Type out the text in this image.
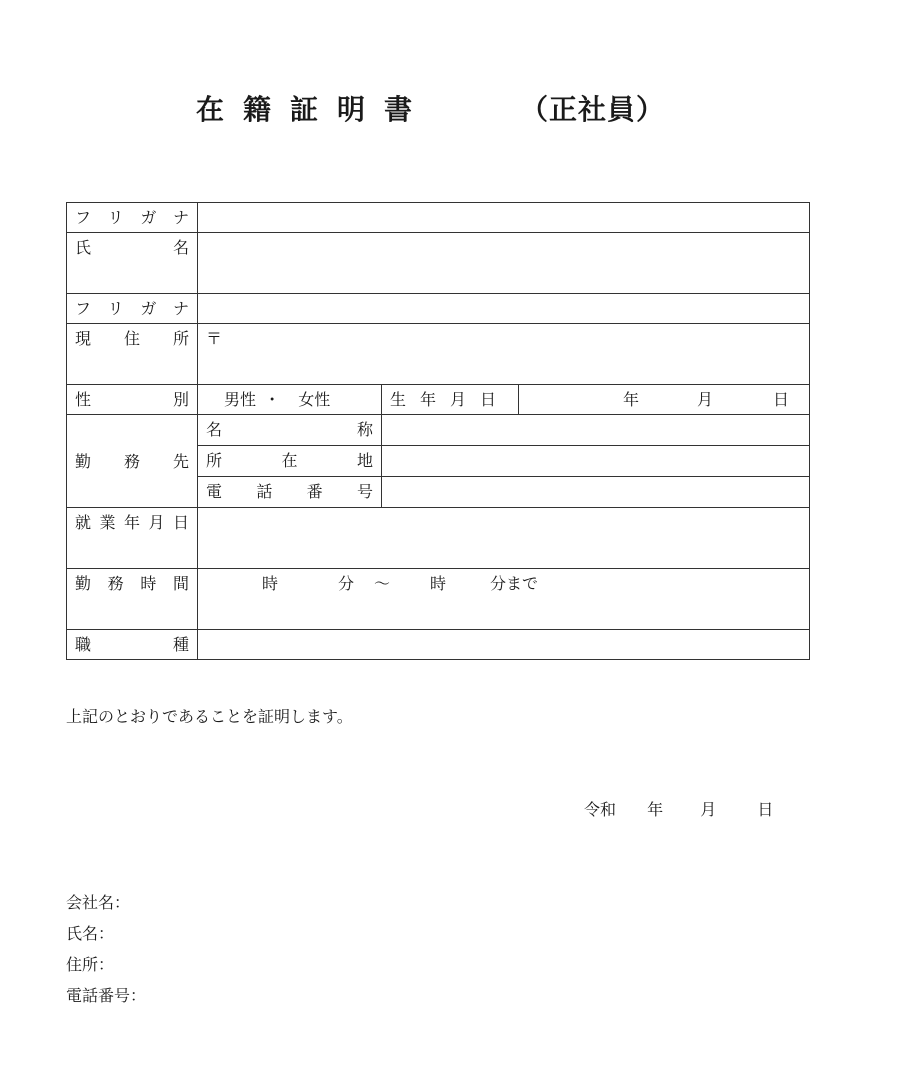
在籍証明書	（正社員）
フ リ ガ ナ			

氏 名			

フ リ ガ ナ			

現 住 所	〒		

性 別	男性 ・ 女性	生 年 月 日	年 月 日

勤 務 先	名 称		

	所 在 地		

	電 話 番 号		

就 業 年 月 日			

勤 務 時 間	時 分 ～ 時 分まで		

職 種			

上記のとおりであることを証明します。
令和 年 月	日
会社名：
氏名：
住所：
電話番号：
